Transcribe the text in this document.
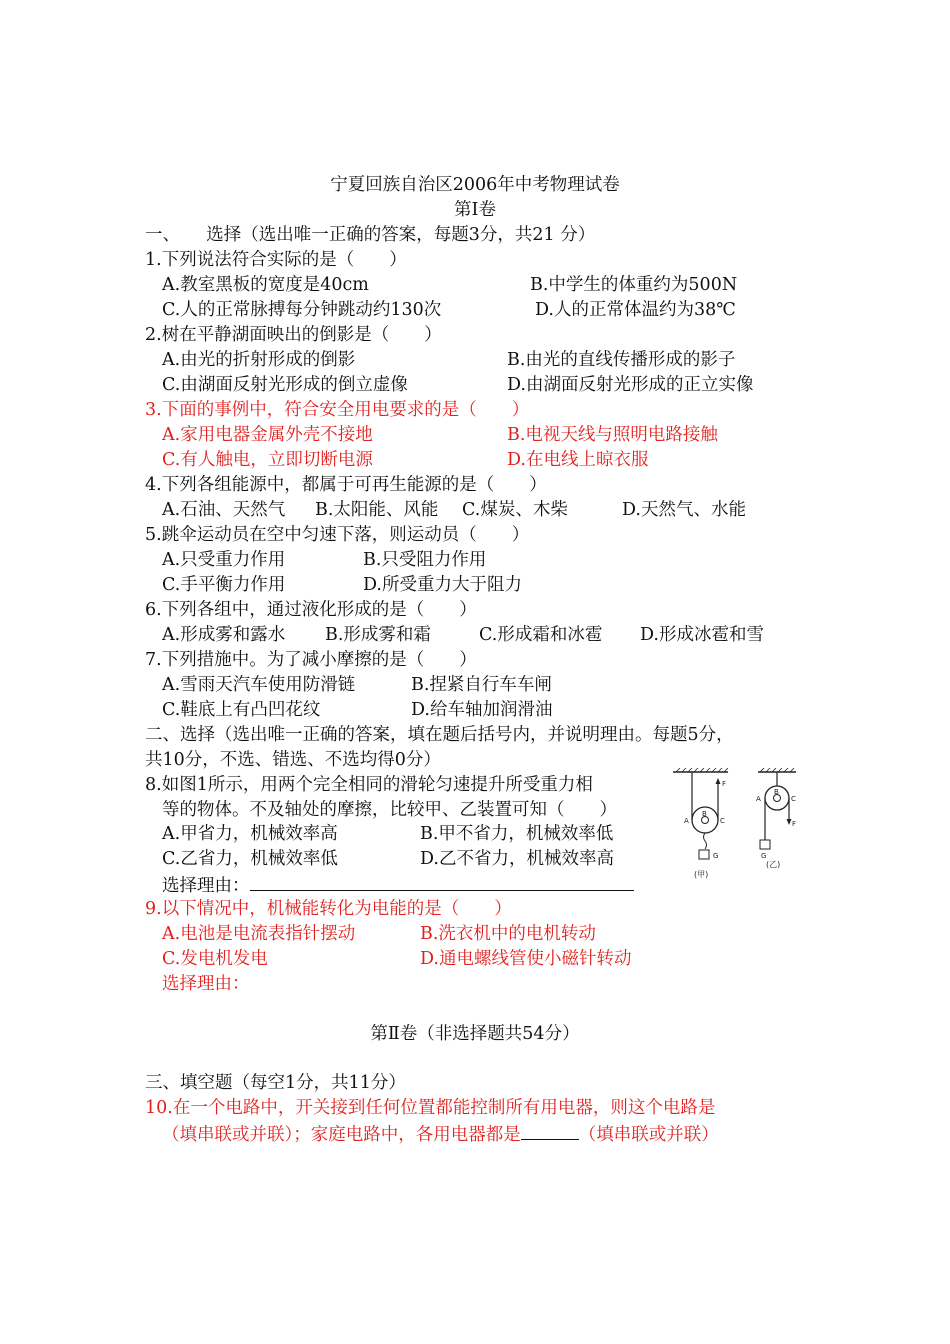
宁夏回族自治区2006年中考物理试卷
第Ⅰ卷
一、　　选择（选出唯一正确的答案，每题3分，共21 分）
1.下列说法符合实际的是（　　）
A.教室黑板的宽度是40cm	B.中学生的体重约为500N
C.人的正常脉搏每分钟跳动约130次	D.人的正常体温约为38℃
2.树在平静湖面映出的倒影是（　　）
A.由光的折射形成的倒影	B.由光的直线传播形成的影子
C.由湖面反射光形成的倒立虚像	D.由湖面反射光形成的正立实像
3.下面的事例中，符合安全用电要求的是（　　）
A.家用电器金属外壳不接地	B.电视天线与照明电路接触
C.有人触电，立即切断电源	D.在电线上晾衣服
4.下列各组能源中，都属于可再生能源的是（　　）
A.石油、天然气 B.太阳能、风能 C.煤炭、木柴	D.天然气、水能
5.跳伞运动员在空中匀速下落，则运动员（　　）
A.只受重力作用	B.只受阻力作用
C.手平衡力作用	D.所受重力大于阻力
6.下列各组中，通过液化形成的是（　　）
A.形成雾和露水 B.形成雾和霜	C.形成霜和冰雹 D.形成冰雹和雪
7.下列措施中。为了减小摩擦的是（　　）
A.雪雨天汽车使用防滑链	B.捏紧自行车车闸
C.鞋底上有凸凹花纹	D.给车轴加润滑油
二、选择（选出唯一正确的答案，填在题后括号内，并说明理由。每题5分，
共10分，不选、错选、不选均得0分）
8.如图1所示，用两个完全相同的滑轮匀速提升所受重力相
等的物体。不及轴处的摩擦，比较甲、乙装置可知（　　）
A.甲省力，机械效率高	B.甲不省力，机械效率低
C.乙省力，机械效率低	D.乙不省力，机械效率高
选择理由：
F
A
B
C
G
(甲)
A
B
C
F
G
(乙)
9.以下情况中，机械能转化为电能的是（　　）
A.电池是电流表指针摆动	B.洗衣机中的电机转动
C.发电机发电	D.通电螺线管使小磁针转动
选择理由：
第Ⅱ卷（非选择题共54分）
三、填空题（每空1分，共11分）
10.在一个电路中，开关接到任何位置都能控制所有用电器，则这个电路是
（填串联或并联）；家庭电路中，各用电器都是	（填串联或并联）
